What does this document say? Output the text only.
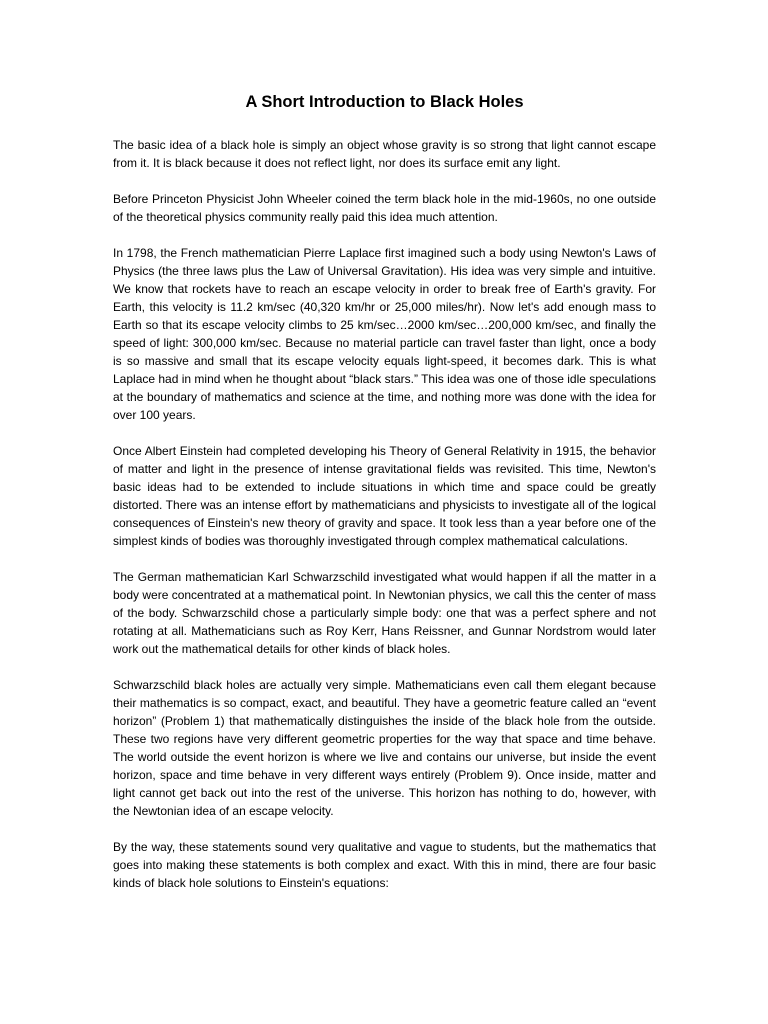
A Short Introduction to Black Holes

The basic idea of a black hole is simply an object whose gravity is so strong that light cannot escape from it. It is black because it does not reflect light, nor does its surface emit any light.

Before Princeton Physicist John Wheeler coined the term black hole in the mid-1960s, no one outside of the theoretical physics community really paid this idea much attention.

In 1798, the French mathematician Pierre Laplace first imagined such a body using Newton's Laws of Physics (the three laws plus the Law of Universal Gravitation). His idea was very simple and intuitive. We know that rockets have to reach an escape velocity in order to break free of Earth's gravity. For Earth, this velocity is 11.2 km/sec (40,320 km/hr or 25,000 miles/hr). Now let's add enough mass to Earth so that its escape velocity climbs to 25 km/sec…2000 km/sec…200,000 km/sec, and finally the speed of light: 300,000 km/sec. Because no material particle can travel faster than light, once a body is so massive and small that its escape velocity equals light-speed, it becomes dark. This is what Laplace had in mind when he thought about “black stars.” This idea was one of those idle speculations at the boundary of mathematics and science at the time, and nothing more was done with the idea for over 100 years.

Once Albert Einstein had completed developing his Theory of General Relativity in 1915, the behavior of matter and light in the presence of intense gravitational fields was revisited. This time, Newton's basic ideas had to be extended to include situations in which time and space could be greatly distorted. There was an intense effort by mathematicians and physicists to investigate all of the logical consequences of Einstein's new theory of gravity and space. It took less than a year before one of the simplest kinds of bodies was thoroughly investigated through complex mathematical calculations.

The German mathematician Karl Schwarzschild investigated what would happen if all the matter in a body were concentrated at a mathematical point. In Newtonian physics, we call this the center of mass of the body. Schwarzschild chose a particularly simple body: one that was a perfect sphere and not rotating at all. Mathematicians such as Roy Kerr, Hans Reissner, and Gunnar Nordstrom would later work out the mathematical details for other kinds of black holes.

Schwarzschild black holes are actually very simple. Mathematicians even call them elegant because their mathematics is so compact, exact, and beautiful. They have a geometric feature called an “event horizon” (Problem 1) that mathematically distinguishes the inside of the black hole from the outside. These two regions have very different geometric properties for the way that space and time behave. The world outside the event horizon is where we live and contains our universe, but inside the event horizon, space and time behave in very different ways entirely (Problem 9). Once inside, matter and light cannot get back out into the rest of the universe. This horizon has nothing to do, however, with the Newtonian idea of an escape velocity.

By the way, these statements sound very qualitative and vague to students, but the mathematics that goes into making these statements is both complex and exact. With this in mind, there are four basic kinds of black hole solutions to Einstein's equations:
